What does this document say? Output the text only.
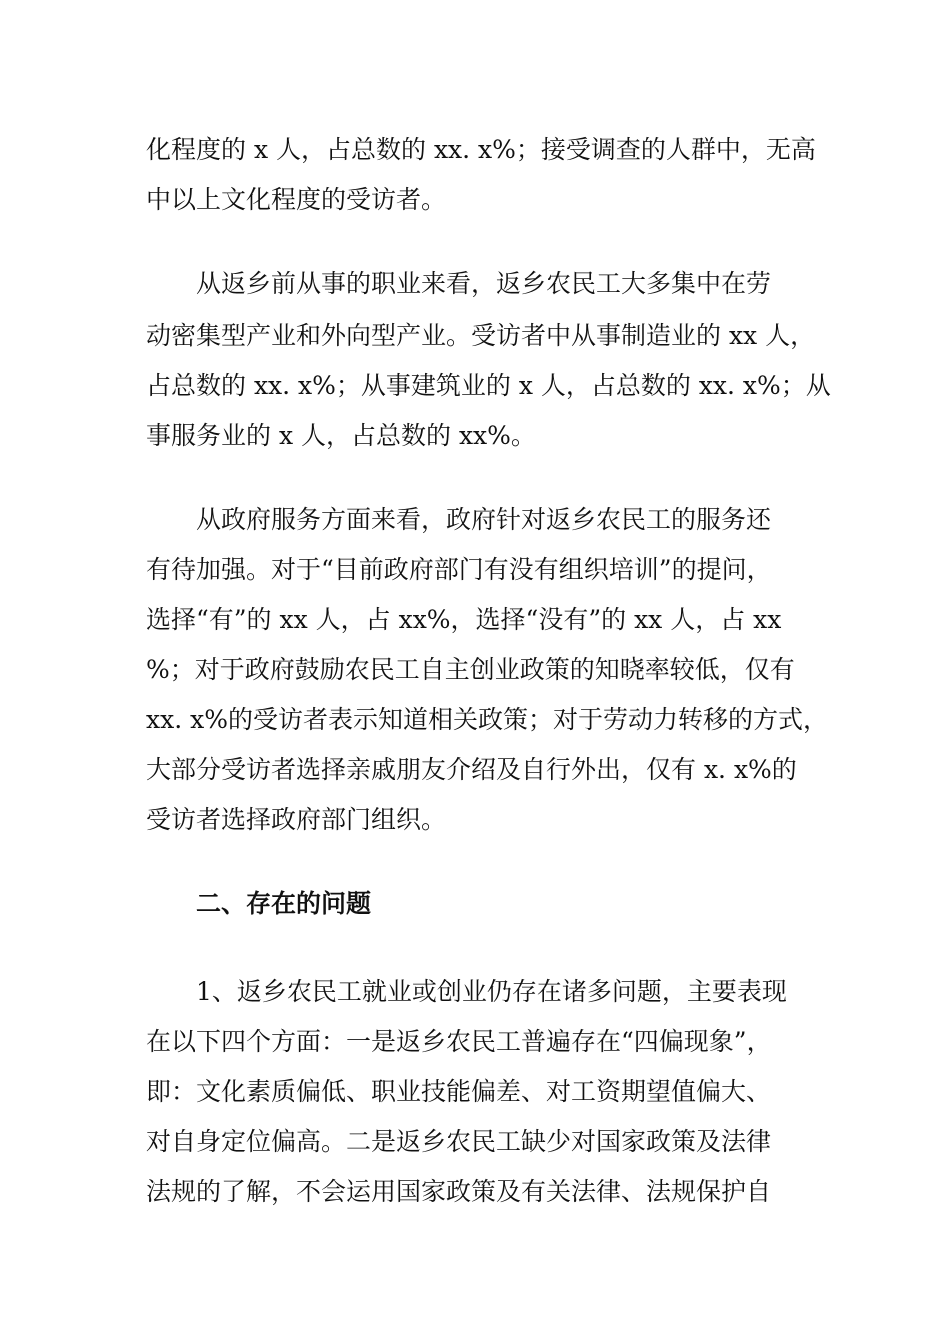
化程度的 x 人，占总数的 xx. x%；接受调查的人群中，无高
中以上文化程度的受访者。
从返乡前从事的职业来看，返乡农民工大多集中在劳
动密集型产业和外向型产业。受访者中从事制造业的 xx 人，
占总数的 xx. x%；从事建筑业的 x 人，占总数的 xx. x%；从
事服务业的 x 人，占总数的 xx%。
从政府服务方面来看，政府针对返乡农民工的服务还
有待加强。对于“目前政府部门有没有组织培训”的提问，
选择“有”的 xx 人，占 xx%，选择“没有”的 xx 人，占 xx
%；对于政府鼓励农民工自主创业政策的知晓率较低，仅有
xx. x%的受访者表示知道相关政策；对于劳动力转移的方式，
大部分受访者选择亲戚朋友介绍及自行外出，仅有 x. x%的
受访者选择政府部门组织。
二、存在的问题
1、返乡农民工就业或创业仍存在诸多问题，主要表现
在以下四个方面：一是返乡农民工普遍存在“四偏现象”，
即：文化素质偏低、职业技能偏差、对工资期望值偏大、
对自身定位偏高。二是返乡农民工缺少对国家政策及法律
法规的了解，不会运用国家政策及有关法律、法规保护自
